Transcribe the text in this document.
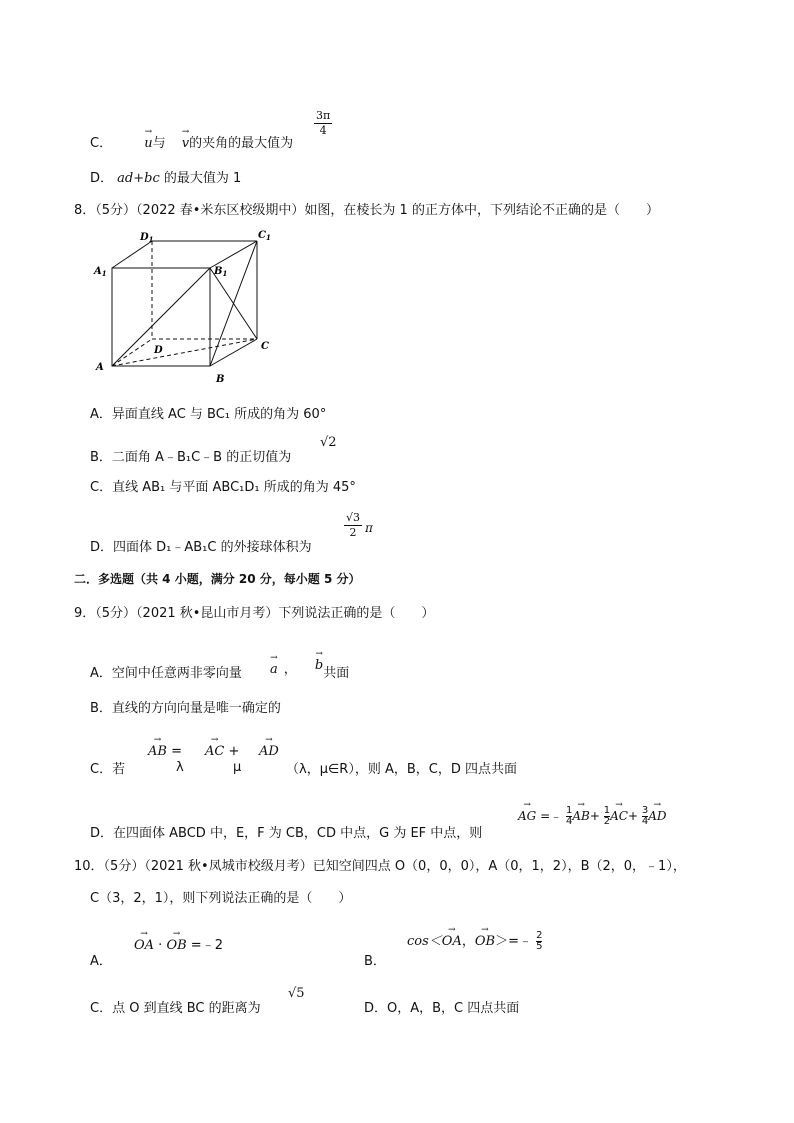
C． → u与 → v的夹角的最大值为
$\frac{3\pi}{4}$
D． ad+bc 的最大值为 1
8．（5分）（2022 春•米东区校级期中）如图，在棱长为 1 的正方体中，下列结论不正确的是（　　）
$D_1$	$C_1$
$A_1$	$B_1$
A
B
C
D
A．异面直线 AC 与 BC₁ 所成的角为 60°
B．二面角 A﹣B₁C﹣B 的正切值为
√2
C．直线 AB₁ 与平面 ABC₁D₁ 所成的角为 45°
D．四面体 D₁﹣AB₁C 的外接球体积为
$\frac{√3}{2}$ π
二．多选题（共 4 小题，满分 20 分，每小题 5 分）
9．（5分）（2021 秋•昆山市月考）下列说法正确的是（　　）
A．空间中任意两非零向量
→ a ， → b共面
B．直线的方向向量是唯一确定的
C．若
→ AB =
λ
→ AC +
μ
→ AD
（λ，μ∈R），则 A，B，C，D 四点共面
D．在四面体 ABCD 中，E，F 为 CB，CD 中点，G 为 EF 中点，则
→ AG =﹣ $\frac{1}{4}$
→ $AB+ \frac{1}{2}$
→ $AC+ \frac{3}{4}$
→ AD
10．（5分）（2021 秋•凤城市校级月考）已知空间四点 O（0，0，0），A（0，1，2），B（2，0，﹣1），
C（3，2，1），则下列说法正确的是（　　）
A．
→ OA · → OB =﹣2
B．
cos＜→ OA，→ OB＞=﹣ $\frac{2}{5}$
C．点 O 到直线 BC 的距离为
√5
D．O，A，B，C 四点共面
